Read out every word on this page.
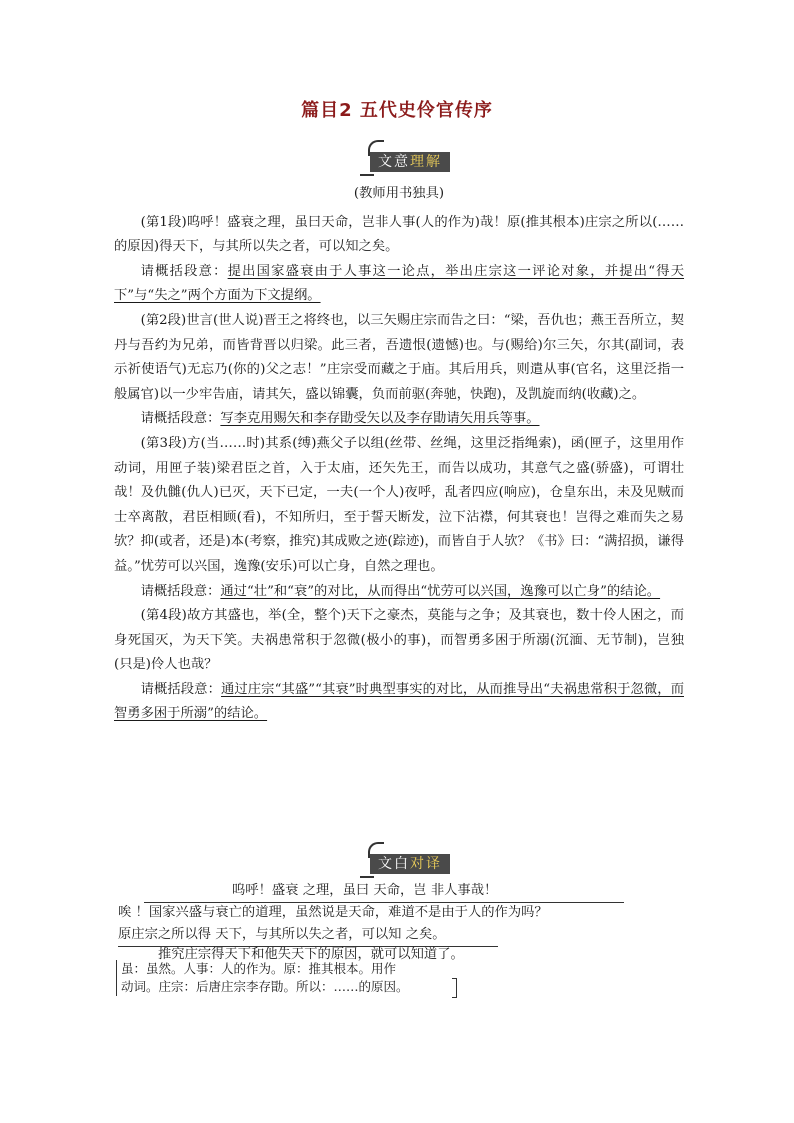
篇目2 五代史伶官传序
文意理解
(教师用书独具)

(第1段)呜呼！盛衰之理，虽曰天命，岂非人事(人的作为)哉！原(推其根本)庄宗之所以(……的原因)得天下，与其所以失之者，可以知之矣。

请概括段意：提出国家盛衰由于人事这一论点，举出庄宗这一评论对象，并提出“得天下”与“失之”两个方面为下文提纲。

(第2段)世言(世人说)晋王之将终也，以三矢赐庄宗而告之曰：“梁，吾仇也；燕王吾所立，契丹与吾约为兄弟，而皆背晋以归梁。此三者，吾遗恨(遗憾)也。与(赐给)尔三矢，尔其(副词，表示祈使语气)无忘乃(你的)父之志！”庄宗受而藏之于庙。其后用兵，则遣从事(官名，这里泛指一般属官)以一少牢告庙，请其矢，盛以锦囊，负而前驱(奔驰，快跑)，及凯旋而纳(收藏)之。

请概括段意：写李克用赐矢和李存勖受矢以及李存勖请矢用兵等事。

(第3段)方(当……时)其系(缚)燕父子以组(丝带、丝绳，这里泛指绳索)，函(匣子，这里用作动词，用匣子装)梁君臣之首，入于太庙，还矢先王，而告以成功，其意气之盛(骄盛)，可谓壮哉！及仇雠(仇人)已灭，天下已定，一夫(一个人)夜呼，乱者四应(响应)，仓皇东出，未及见贼而士卒离散，君臣相顾(看)，不知所归，至于誓天断发，泣下沾襟，何其衰也！岂得之难而失之易欤？抑(或者，还是)本(考察，推究)其成败之迹(踪迹)，而皆自于人欤？《书》曰：“满招损，谦得益。”忧劳可以兴国，逸豫(安乐)可以亡身，自然之理也。

请概括段意：通过“壮”和“衰”的对比，从而得出“忧劳可以兴国，逸豫可以亡身”的结论。

(第4段)故方其盛也，举(全，整个)天下之豪杰，莫能与之争；及其衰也，数十伶人困之，而身死国灭，为天下笑。夫祸患常积于忽微(极小的事)，而智勇多困于所溺(沉湎、无节制)，岂独(只是)伶人也哉？

请概括段意：通过庄宗“其盛”“其衰”时典型事实的对比，从而推导出“夫祸患常积于忽微，而智勇多困于所溺”的结论。

文白对译
呜呼！盛衰 之理，虽曰 天命，岂 非人事哉！
唉 ！国家兴盛与衰亡的道理，虽然说是天命，难道不是由于人的作为吗？
原庄宗之所以得 天下，与其所以失之者，可以知 之矣。
推究庄宗得天下和他失天下的原因，就可以知道了。
虽：虽然。人事：人的作为。原：推其根本。用作
动词。庄宗：后唐庄宗李存勖。所以：……的原因。
